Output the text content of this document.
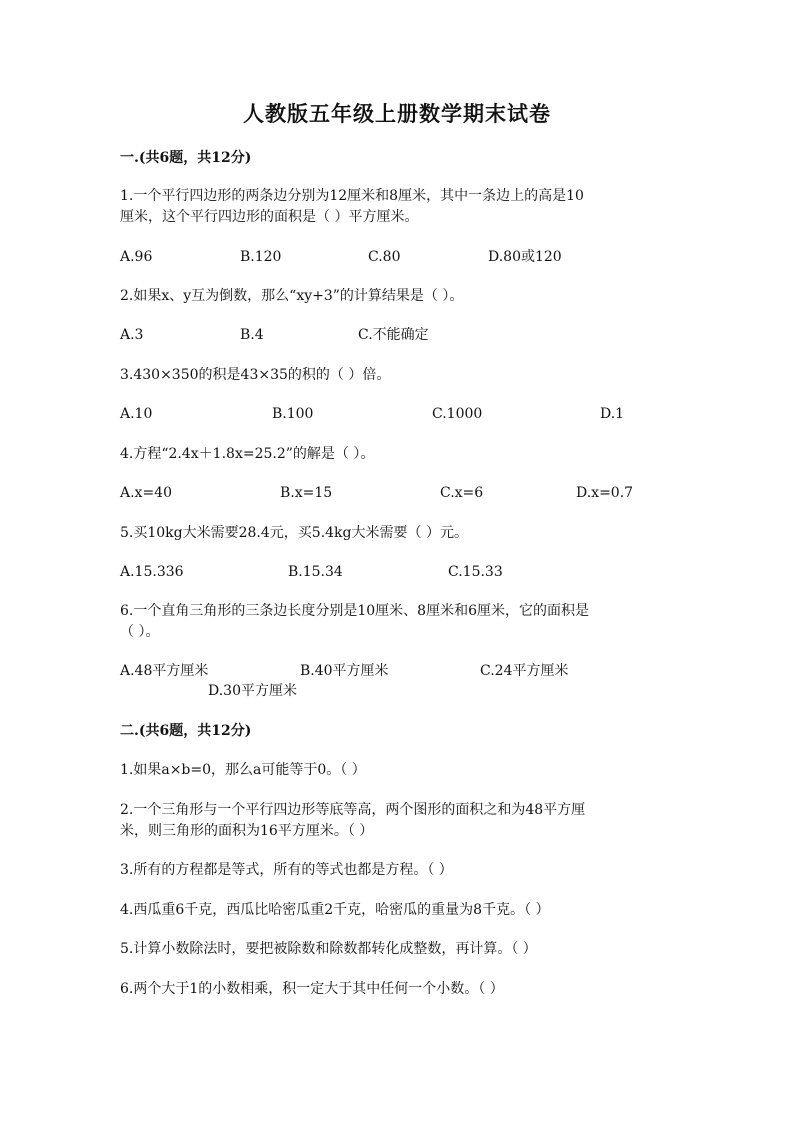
人教版五年级上册数学期末试卷
一.(共6题，共12分)
1.一个平行四边形的两条边分别为12厘米和8厘米，其中一条边上的高是10
厘米，这个平行四边形的面积是（ ）平方厘米。
A.96	B.120	C.80	D.80或120
2.如果x、y互为倒数，那么“xy+3”的计算结果是（ ）。
A.3	B.4	C.不能确定
3.430×350的积是43×35的积的（ ）倍。
A.10	B.100	C.1000	D.1
4.方程“2.4x＋1.8x=25.2”的解是（ ）。
A.x=40	B.x=15	C.x=6	D.x=0.7
5.买10kg大米需要28.4元，买5.4kg大米需要（ ）元。
A.15.336	B.15.34	C.15.33
6.一个直角三角形的三条边长度分别是10厘米、8厘米和6厘米，它的面积是
（ ）。
A.48平方厘米	B.40平方厘米	C.24平方厘米
D.30平方厘米
二.(共6题，共12分)
1.如果a×b=0，那么a可能等于0。（ ）
2.一个三角形与一个平行四边形等底等高，两个图形的面积之和为48平方厘
米，则三角形的面积为16平方厘米。（ ）
3.所有的方程都是等式，所有的等式也都是方程。（ ）
4.西瓜重6千克，西瓜比哈密瓜重2千克，哈密瓜的重量为8千克。（ ）
5.计算小数除法时，要把被除数和除数都转化成整数，再计算。（ ）
6.两个大于1的小数相乘，积一定大于其中任何一个小数。（ ）
